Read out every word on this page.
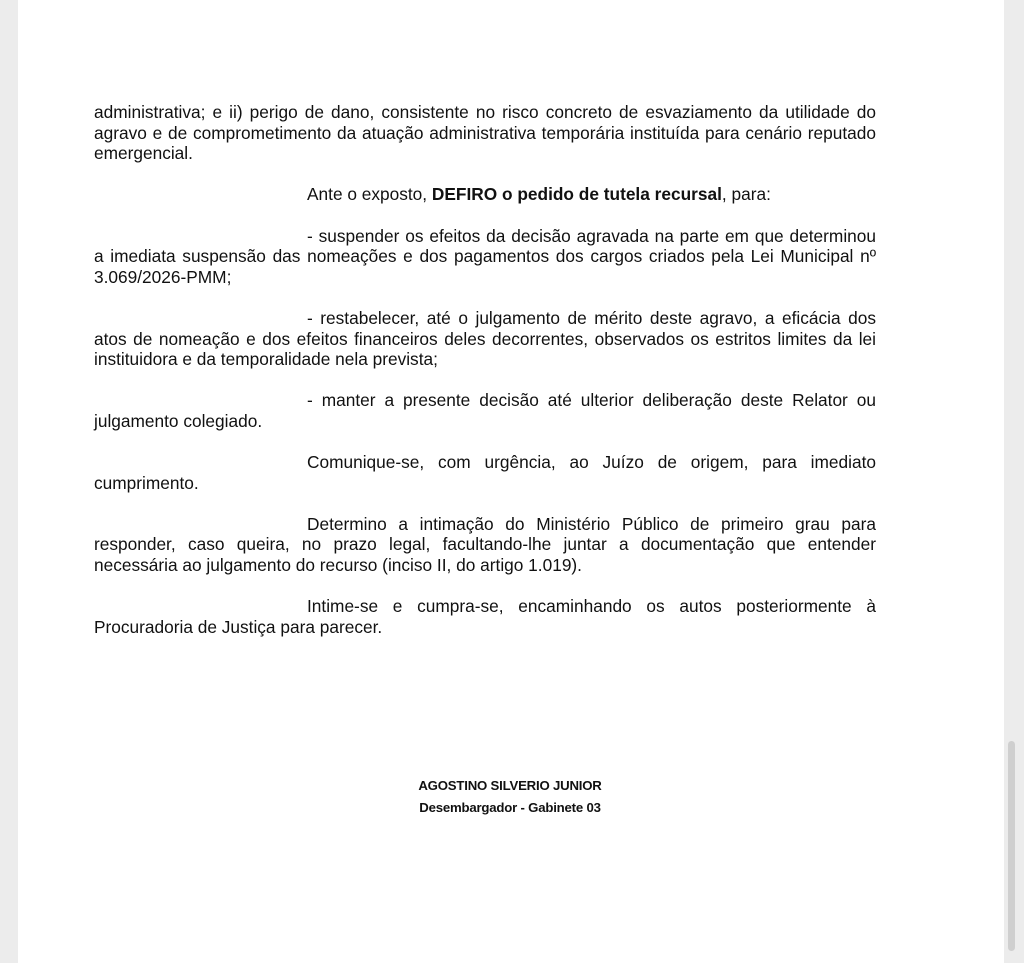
administrativa; e ii) perigo de dano, consistente no risco concreto de esvaziamento da utilidade do agravo e de comprometimento da atuação administrativa temporária instituída para cenário reputado emergencial.

Ante o exposto, DEFIRO o pedido de tutela recursal, para:

- suspender os efeitos da decisão agravada na parte em que determinou a imediata suspensão das nomeações e dos pagamentos dos cargos criados pela Lei Municipal nº 3.069/2026-PMM;

- restabelecer, até o julgamento de mérito deste agravo, a eficácia dos atos de nomeação e dos efeitos financeiros deles decorrentes, observados os estritos limites da lei instituidora e da temporalidade nela prevista;

- manter a presente decisão até ulterior deliberação deste Relator ou julgamento colegiado.

Comunique-se, com urgência, ao Juízo de origem, para imediato cumprimento.

Determino a intimação do Ministério Público de primeiro grau para responder, caso queira, no prazo legal, facultando-lhe juntar a documentação que entender necessária ao julgamento do recurso (inciso II, do artigo 1.019).

Intime-se e cumpra-se, encaminhando os autos posteriormente à Procuradoria de Justiça para parecer.

AGOSTINO SILVERIO JUNIOR
Desembargador - Gabinete 03
